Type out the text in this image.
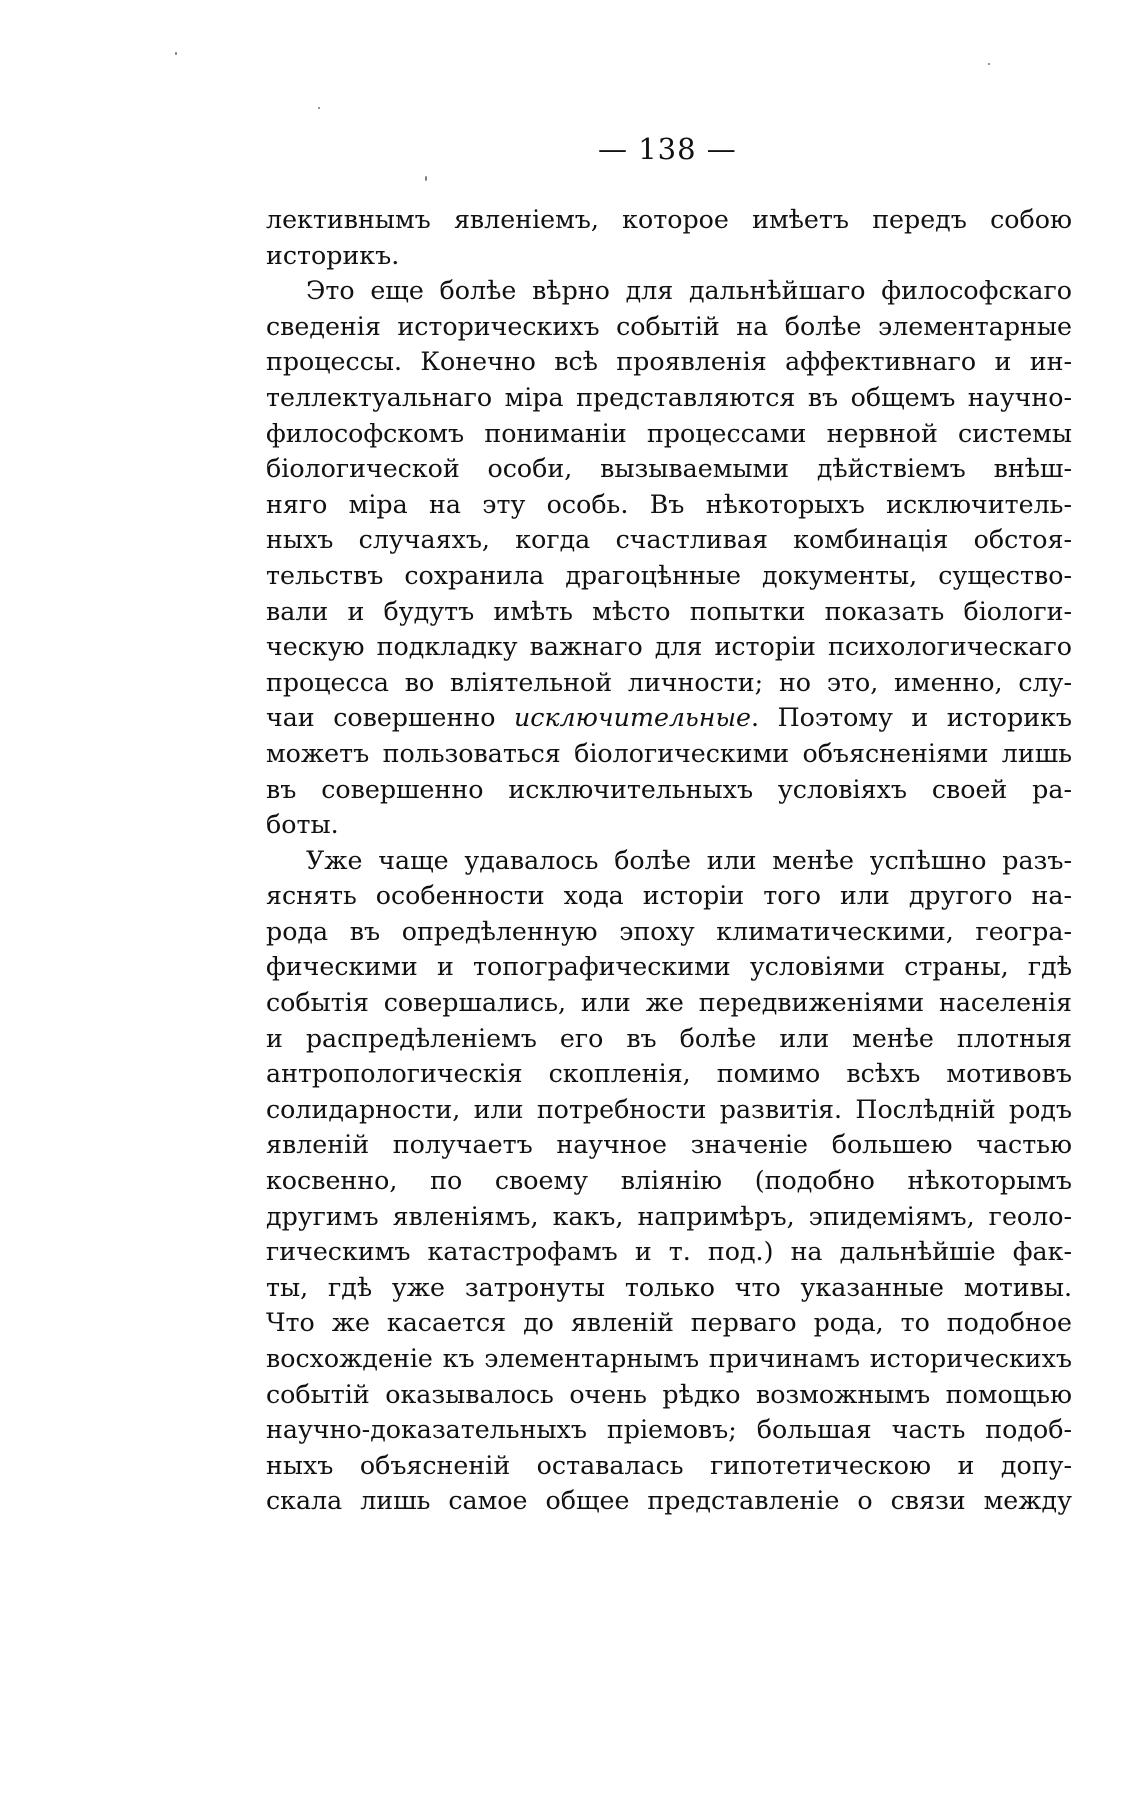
— 138 —
лективнымъ явленіемъ, которое имѣетъ передъ собою
историкъ.
Это еще болѣе вѣрно для дальнѣйшаго философскаго
сведенія историческихъ событій на болѣе элементарные
процессы. Конечно всѣ проявленія аффективнаго и ин-
теллектуальнаго міра представляются въ общемъ научно-
философскомъ пониманіи процессами нервной системы
біологической особи, вызываемыми дѣйствіемъ внѣш-
няго міра на эту особь. Въ нѣкоторыхъ исключитель-
ныхъ случаяхъ, когда счастливая комбинація обстоя-
тельствъ сохранила драгоцѣнные документы, существо-
вали и будутъ имѣть мѣсто попытки показать біологи-
ческую подкладку важнаго для исторіи психологическаго
процесса во вліятельной личности; но это, именно, слу-
чаи совершенно исключительные. Поэтому и историкъ
можетъ пользоваться біологическими объясненіями лишь
въ совершенно исключительныхъ условіяхъ своей ра-
боты.
Уже чаще удавалось болѣе или менѣе успѣшно разъ-
яснять особенности хода исторіи того или другого на-
рода въ опредѣленную эпоху климатическими, геогра-
фическими и топографическими условіями страны, гдѣ
событія совершались, или же передвиженіями населенія
и распредѣленіемъ его въ болѣе или менѣе плотныя
антропологическія скопленія, помимо всѣхъ мотивовъ
солидарности, или потребности развитія. Послѣдній родъ
явленій получаетъ научное значеніе большею частью
косвенно, по своему вліянію (подобно нѣкоторымъ
другимъ явленіямъ, какъ, напримѣръ, эпидеміямъ, геоло-
гическимъ катастрофамъ и т. под.) на дальнѣйшіе фак-
ты, гдѣ уже затронуты только что указанные мотивы.
Что же касается до явленій перваго рода, то подобное
восхожденіе къ элементарнымъ причинамъ историческихъ
событій оказывалось очень рѣдко возможнымъ помощью
научно-доказательныхъ пріемовъ; большая часть подоб-
ныхъ объясненій оставалась гипотетическою и допу-
скала лишь самое общее представленіе о связи между
